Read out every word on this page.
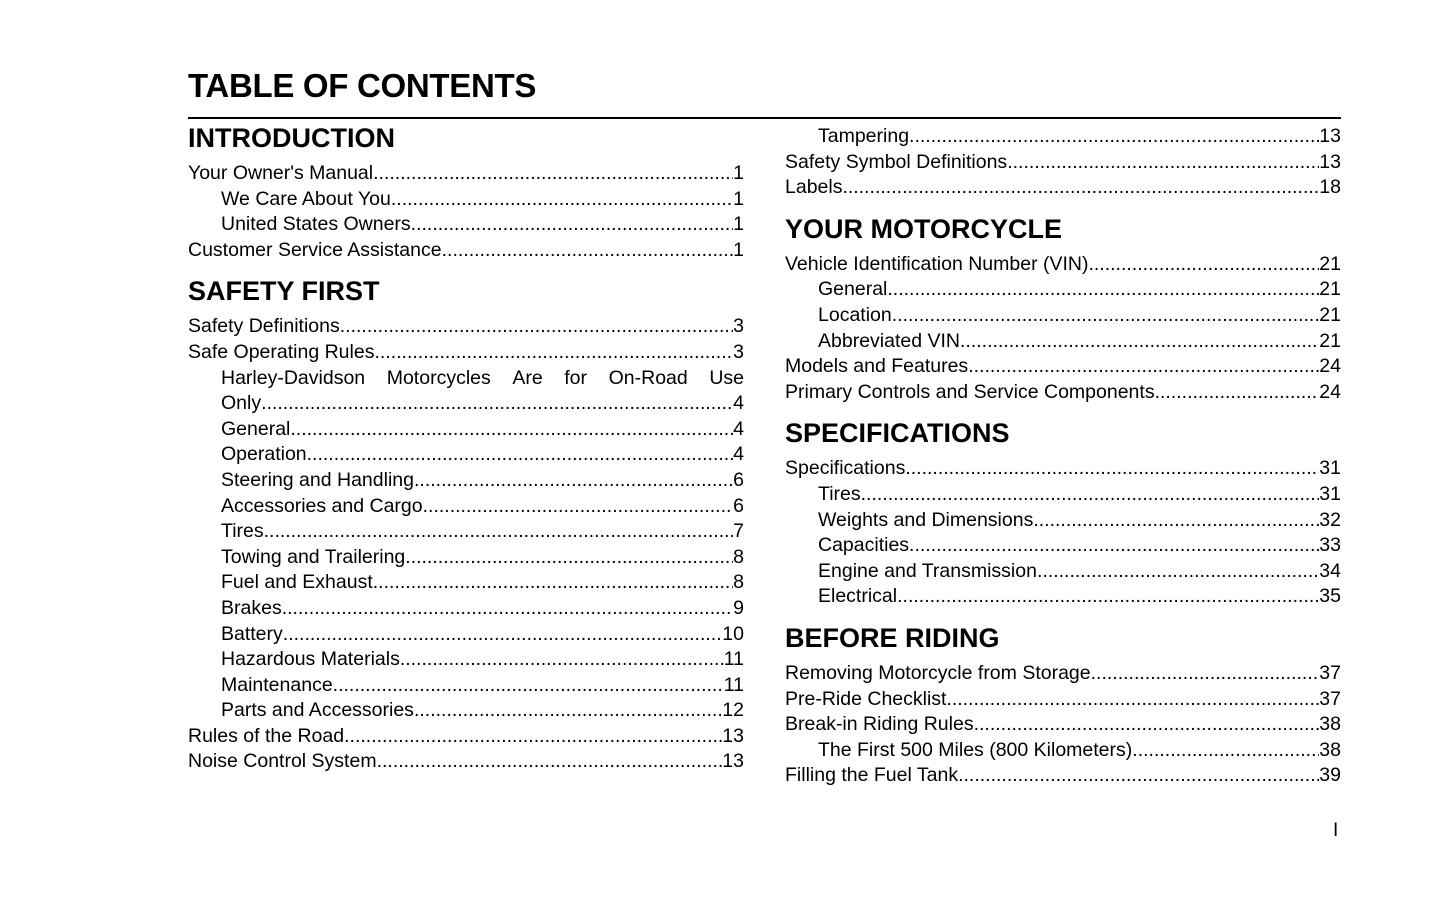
TABLE OF CONTENTS
INTRODUCTION
Your Owner's Manual .....	1
We Care About You .....	1
United States Owners .....	1
Customer Service Assistance .....	1
SAFETY FIRST
Safety Definitions .....	3
Safe Operating Rules .....	3
Harley-Davidson Motorcycles Are for On-Road Use
Only .....	4
General .....	4
Operation .....	4
Steering and Handling .....	6
Accessories and Cargo .....	6
Tires .....	7
Towing and Trailering .....	8
Fuel and Exhaust .....	8
Brakes .....	9
Battery .....	10
Hazardous Materials .....	11
Maintenance .....	11
Parts and Accessories .....	12
Rules of the Road .....	13
Noise Control System .....	13
Tampering .....	13
Safety Symbol Definitions .....	13
Labels .....	18
YOUR MOTORCYCLE
Vehicle Identification Number (VIN) .....	21
General .....	21
Location .....	21
Abbreviated VIN .....	21
Models and Features .....	24
Primary Controls and Service Components .....	24
SPECIFICATIONS
Specifications .....	31
Tires .....	31
Weights and Dimensions .....	32
Capacities .....	33
Engine and Transmission .....	34
Electrical .....	35
BEFORE RIDING
Removing Motorcycle from Storage .....	37
Pre-Ride Checklist .....	37
Break-in Riding Rules .....	38
The First 500 Miles (800 Kilometers) .....	38
Filling the Fuel Tank .....	39
I
